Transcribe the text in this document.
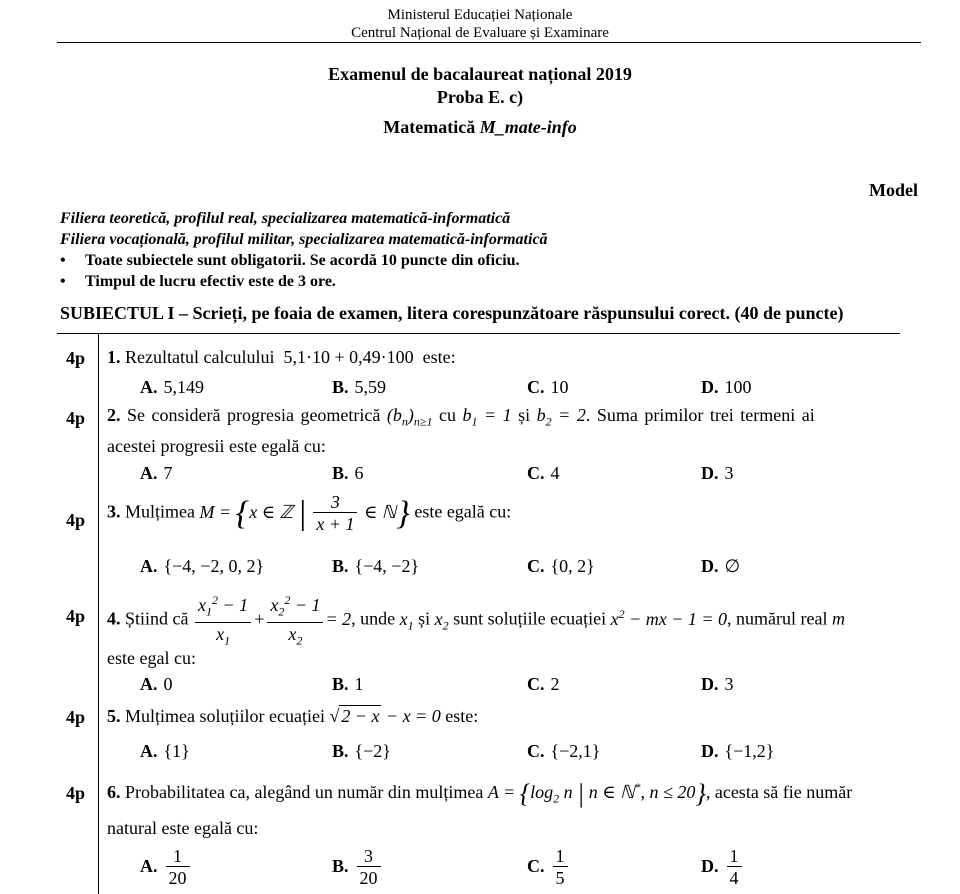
Ministerul Educației Naționale
Centrul Național de Evaluare și Examinare
Examenul de bacalaureat național 2019
Proba E. c)
Matematică M_mate-info
Model
Filiera teoretică, profilul real, specializarea matematică-informatică
Filiera vocațională, profilul militar, specializarea matematică-informatică
• Toate subiectele sunt obligatorii. Se acordă 10 puncte din oficiu.
• Timpul de lucru efectiv este de 3 ore.
SUBIECTUL I – Scrieți, pe foaia de examen, litera corespunzătoare răspunsului corect. (40 de puncte)
4p 1. Rezultatul calculului 5,1·10 + 0,49·100 este:
A. 5,149	B. 5,59	C. 10	D. 100
4p 2. Se consideră progresia geometrică $(b_n)_{n\ge 1}$ cu $b_1 = 1$ și $b_2 = 2$. Suma primilor trei termeni ai
acestei progresii este egală cu:
A. 7	B. 6	C. 4	D. 3
4p 3. Mulțimea M = {x ∈ ℤ | $\frac{3}{x + 1}$ ∈ ℕ} este egală cu:
A. {−4, −2, 0, 2}	B. {−4, −2}	C. {0, 2}	D. ∅
4p 4. Știind că $\frac{x_1^2 - 1}{x_1} + \frac{x_2^2 - 1}{x_2} = 2$, unde $x_1$ și $x_2$ sunt soluțiile ecuației $x^2$ − mx − 1 = 0, numărul real m
este egal cu:
A. 0	B. 1	C. 2	D. 3
4p 5. Mulțimea soluțiilor ecuației √ 2 − x − x = 0 este:
A. {1}	B. {−2}	C. {−2,1}	D. {−1,2}
4p 6. Probabilitatea ca, alegând un număr din mulțimea $A = \{\log_2$ n | n ∈ ℕ*, n ≤ 20}, acesta să fie număr
natural este egală cu:
A. $\frac{1}{20}$	B. $\frac{3}{20}$	C. $\frac{1}{5}$	D. $\frac{1}{4}$
